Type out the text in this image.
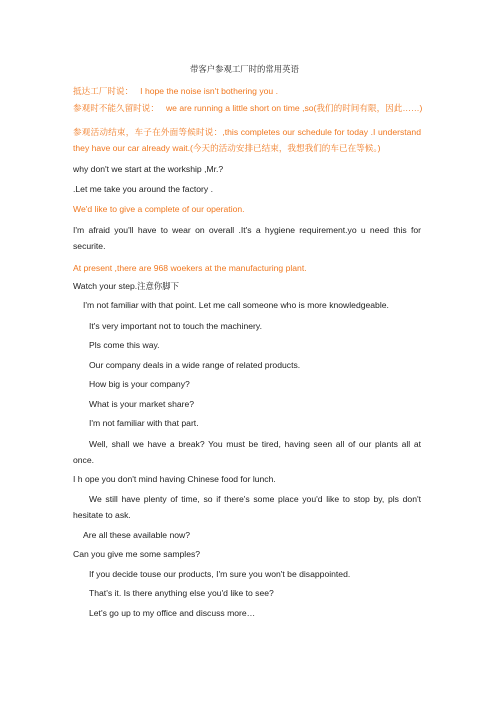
带客户参观工厂时的常用英语
抵达工厂时说： I hope the noise isn't bothering you .
参观时不能久留时说： we are running a little short on time ,so(我们的时间有限，因此……)
参观活动结束，车子在外面等候时说：,this completes our schedule for today .I understand they have our car already wait.(今天的活动安排已结束，我想我们的车已在等候。)
why don't we start at the workship ,Mr.?
.Let me take you around the factory .
We'd like to give a complete of our operation.
I'm afraid you'll have to wear on overall .It's a hygiene requirement.yo u need this for securite.
At present ,there are 968 woekers at the manufacturing plant.
Watch your step.注意你脚下
I'm not familiar with that point. Let me call someone who is more knowledgeable.
It's very important not to touch the machinery.
Pls come this way.
Our company deals in a wide range of related products.
How big is your company?
What is your market share?
I'm not familiar with that part.
Well, shall we have a break? You must be tired, having seen all of our plants all at once.
I h ope you don't mind having Chinese food for lunch.
We still have plenty of time, so if there's some place you'd like to stop by, pls don't hesitate to ask.
Are all these available now?
Can you give me some samples?
If you decide touse our products, I'm sure you won't be disappointed.
That's it. Is there anything else you'd like to see?
Let's go up to my office and discuss more…
